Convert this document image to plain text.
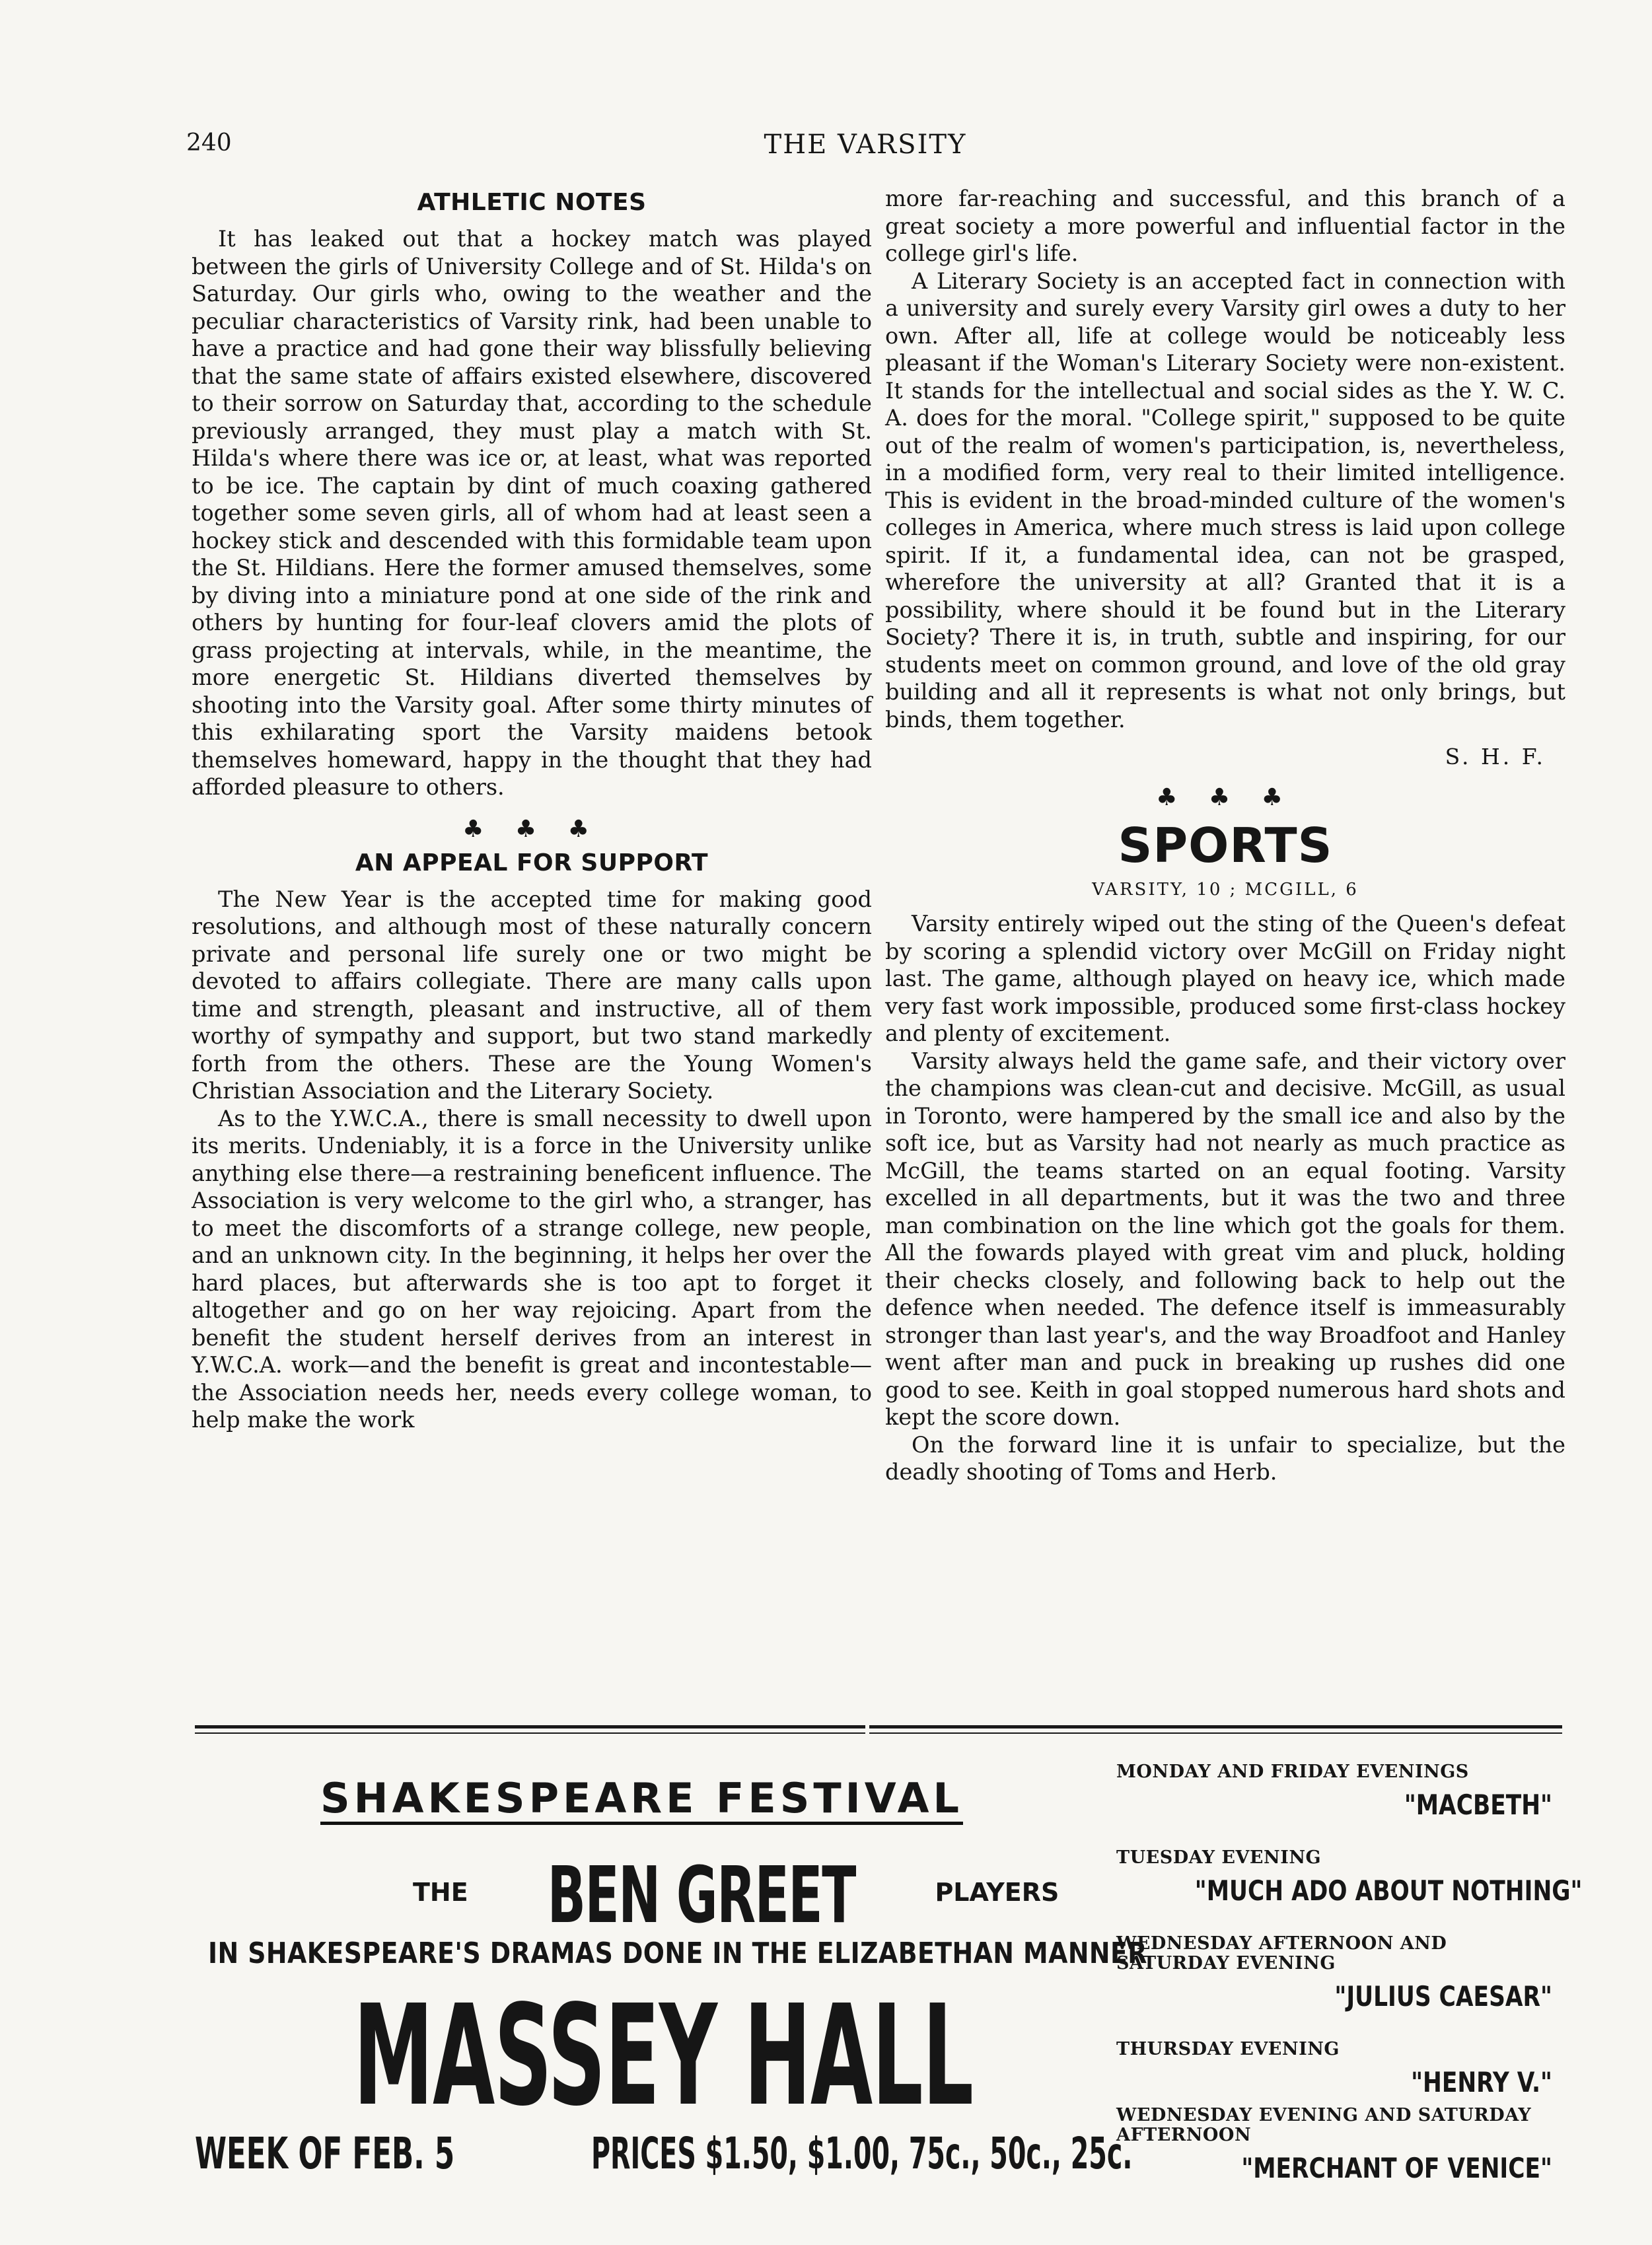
240	THE VARSITY
ATHLETIC NOTES

It has leaked out that a hockey match was played between the girls of University College and of St. Hilda's on Saturday. Our girls who, owing to the weather and the peculiar characteristics of Varsity rink, had been unable to have a practice and had gone their way blissfully believing that the same state of affairs existed elsewhere, discovered to their sorrow on Saturday that, according to the schedule previously arranged, they must play a match with St. Hilda's where there was ice or, at least, what was reported to be ice. The captain by dint of much coaxing gathered together some seven girls, all of whom had at least seen a hockey stick and descended with this formidable team upon the St. Hildians. Here the former amused themselves, some by diving into a miniature pond at one side of the rink and others by hunting for four-leaf clovers amid the plots of grass projecting at intervals, while, in the meantime, the more energetic St. Hildians diverted themselves by shooting into the Varsity goal. After some thirty minutes of this exhilarating sport the Varsity maidens betook themselves homeward, happy in the thought that they had afforded pleasure to others.

♣ ♣ ♣
AN APPEAL FOR SUPPORT

The New Year is the accepted time for making good resolutions, and although most of these naturally concern private and personal life surely one or two might be devoted to affairs collegiate. There are many calls upon time and strength, pleasant and instructive, all of them worthy of sympathy and support, but two stand markedly forth from the others. These are the Young Women's Christian Association and the Literary Society.

As to the Y.W.C.A., there is small necessity to dwell upon its merits. Undeniably, it is a force in the University unlike anything else there—a restraining beneficent influence. The Association is very welcome to the girl who, a stranger, has to meet the discomforts of a strange college, new people, and an unknown city. In the beginning, it helps her over the hard places, but afterwards she is too apt to forget it altogether and go on her way rejoicing. Apart from the benefit the student herself derives from an interest in Y.W.C.A. work—and the benefit is great and incontestable—the Association needs her, needs every college woman, to help make the work

more far-reaching and successful, and this branch of a great society a more powerful and influential factor in the college girl's life.

A Literary Society is an accepted fact in connection with a university and surely every Varsity girl owes a duty to her own. After all, life at college would be noticeably less pleasant if the Woman's Literary Society were non-existent. It stands for the intellectual and social sides as the Y. W. C. A. does for the moral. "College spirit," supposed to be quite out of the realm of women's participation, is, nevertheless, in a modified form, very real to their limited intelligence. This is evident in the broad-minded culture of the women's colleges in America, where much stress is laid upon college spirit. If it, a fundamental idea, can not be grasped, wherefore the university at all? Granted that it is a possibility, where should it be found but in the Literary Society? There it is, in truth, subtle and inspiring, for our students meet on common ground, and love of the old gray building and all it represents is what not only brings, but binds, them together.

S. H. F.
♣ ♣ ♣
SPORTS
VARSITY, 10 ; MCGILL, 6

Varsity entirely wiped out the sting of the Queen's defeat by scoring a splendid victory over McGill on Friday night last. The game, although played on heavy ice, which made very fast work impossible, produced some first-class hockey and plenty of excitement.

Varsity always held the game safe, and their victory over the champions was clean-cut and decisive. McGill, as usual in Toronto, were hampered by the small ice and also by the soft ice, but as Varsity had not nearly as much practice as McGill, the teams started on an equal footing. Varsity excelled in all departments, but it was the two and three man combination on the line which got the goals for them. All the fowards played with great vim and pluck, holding their checks closely, and following back to help out the defence when needed. The defence itself is immeasurably stronger than last year's, and the way Broadfoot and Hanley went after man and puck in breaking up rushes did one good to see. Keith in goal stopped numerous hard shots and kept the score down.

On the forward line it is unfair to specialize, but the deadly shooting of Toms and Herb.

SHAKESPEARE FESTIVAL
THE BEN GREET	PLAYERS
IN SHAKESPEARE'S DRAMAS DONE IN THE ELIZABETHAN MANNER
MASSEY HALL
WEEK OF FEB. 5	PRICES $1.50, $1.00, 75c., 50c., 25c.
MONDAY AND FRIDAY EVENINGS
"MACBETH"
TUESDAY EVENING
"MUCH ADO ABOUT NOTHING"
WEDNESDAY AFTERNOON AND SATURDAY EVENING
"JULIUS CAESAR"
THURSDAY EVENING
"HENRY V."
WEDNESDAY EVENING AND SATURDAY AFTERNOON
"MERCHANT OF VENICE"
